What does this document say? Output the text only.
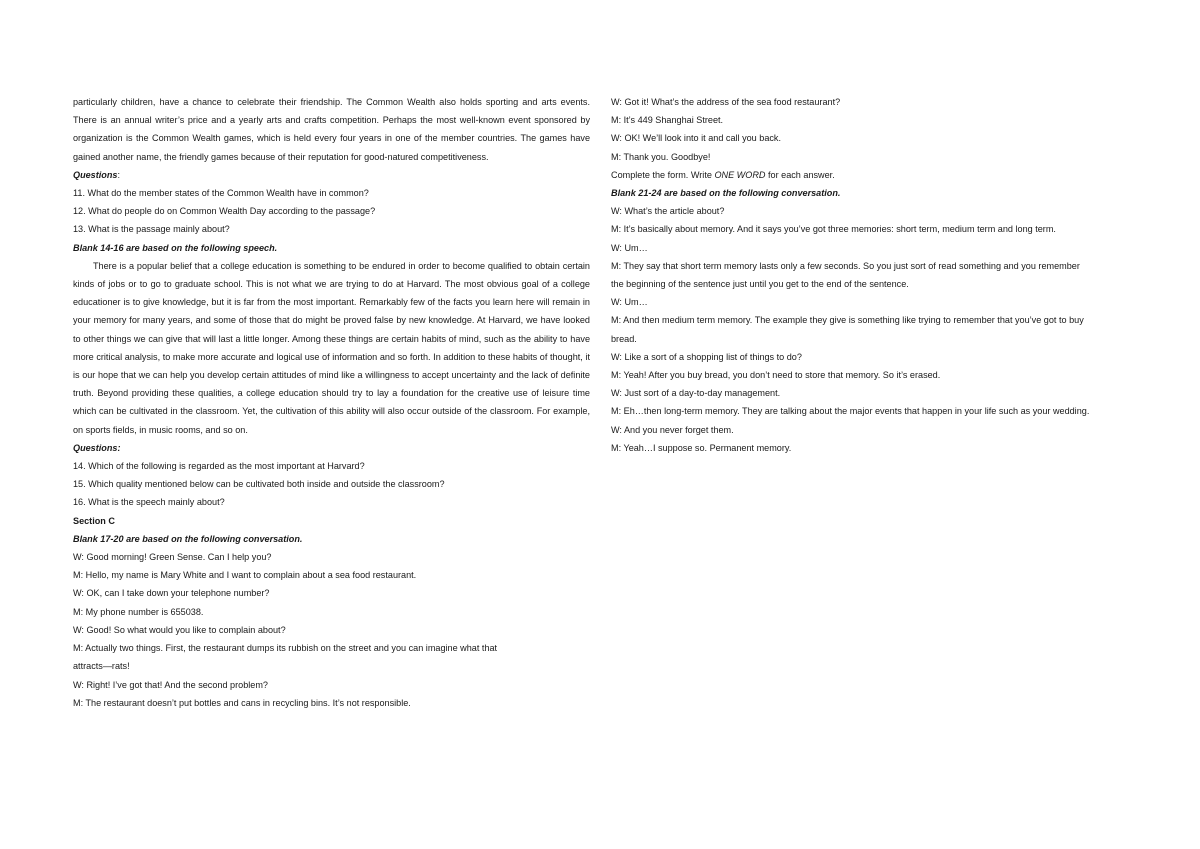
particularly children, have a chance to celebrate their friendship. The Common Wealth also holds sporting and arts events. There is an annual writer’s price and a yearly arts and crafts competition. Perhaps the most well-known event sponsored by organization is the Common Wealth games, which is held every four years in one of the member countries. The games have gained another name, the friendly games because of their reputation for good-natured competitiveness.

Questions:
11. What do the member states of the Common Wealth have in common?
12. What do people do on Common Wealth Day according to the passage?
13. What is the passage mainly about?
Blank 14-16 are based on the following speech.

There is a popular belief that a college education is something to be endured in order to become qualified to obtain certain kinds of jobs or to go to graduate school. This is not what we are trying to do at Harvard. The most obvious goal of a college educationer is to give knowledge, but it is far from the most important. Remarkably few of the facts you learn here will remain in your memory for many years, and some of those that do might be proved false by new knowledge. At Harvard, we have looked to other things we can give that will last a little longer. Among these things are certain habits of mind, such as the ability to have more critical analysis, to make more accurate and logical use of information and so forth. In addition to these habits of thought, it is our hope that we can help you develop certain attitudes of mind like a willingness to accept uncertainty and the lack of definite truth. Beyond providing these qualities, a college education should try to lay a foundation for the creative use of leisure time which can be cultivated in the classroom. Yet, the cultivation of this ability will also occur outside of the classroom. For example, on sports fields, in music rooms, and so on.

Questions:
14. Which of the following is regarded as the most important at Harvard?
15. Which quality mentioned below can be cultivated both inside and outside the classroom?
16. What is the speech mainly about?
Section C
Blank 17-20 are based on the following conversation.
W: Good morning! Green Sense. Can I help you?
M: Hello, my name is Mary White and I want to complain about a sea food restaurant.
W: OK, can I take down your telephone number?
M: My phone number is 655038.
W: Good! So what would you like to complain about?
M: Actually two things. First, the restaurant dumps its rubbish on the street and you can imagine what that
attracts—rats!
W: Right! I’ve got that! And the second problem?
M: The restaurant doesn’t put bottles and cans in recycling bins. It’s not responsible.
W: Got it! What’s the address of the sea food restaurant?
M: It’s 449 Shanghai Street.
W: OK! We’ll look into it and call you back.
M: Thank you. Goodbye!
Complete the form. Write ONE WORD for each answer.
Blank 21-24 are based on the following conversation.
W: What’s the article about?
M: It’s basically about memory. And it says you’ve got three memories: short term, medium term and long term.
W: Um…
M: They say that short term memory lasts only a few seconds. So you just sort of read something and you remember
the beginning of the sentence just until you get to the end of the sentence.
W: Um…
M: And then medium term memory. The example they give is something like trying to remember that you’ve got to buy
bread.
W: Like a sort of a shopping list of things to do?
M: Yeah! After you buy bread, you don’t need to store that memory. So it’s erased.
W: Just sort of a day-to-day management.
M: Eh…then long-term memory. They are talking about the major events that happen in your life such as your wedding.
W: And you never forget them.
M: Yeah…I suppose so. Permanent memory.
